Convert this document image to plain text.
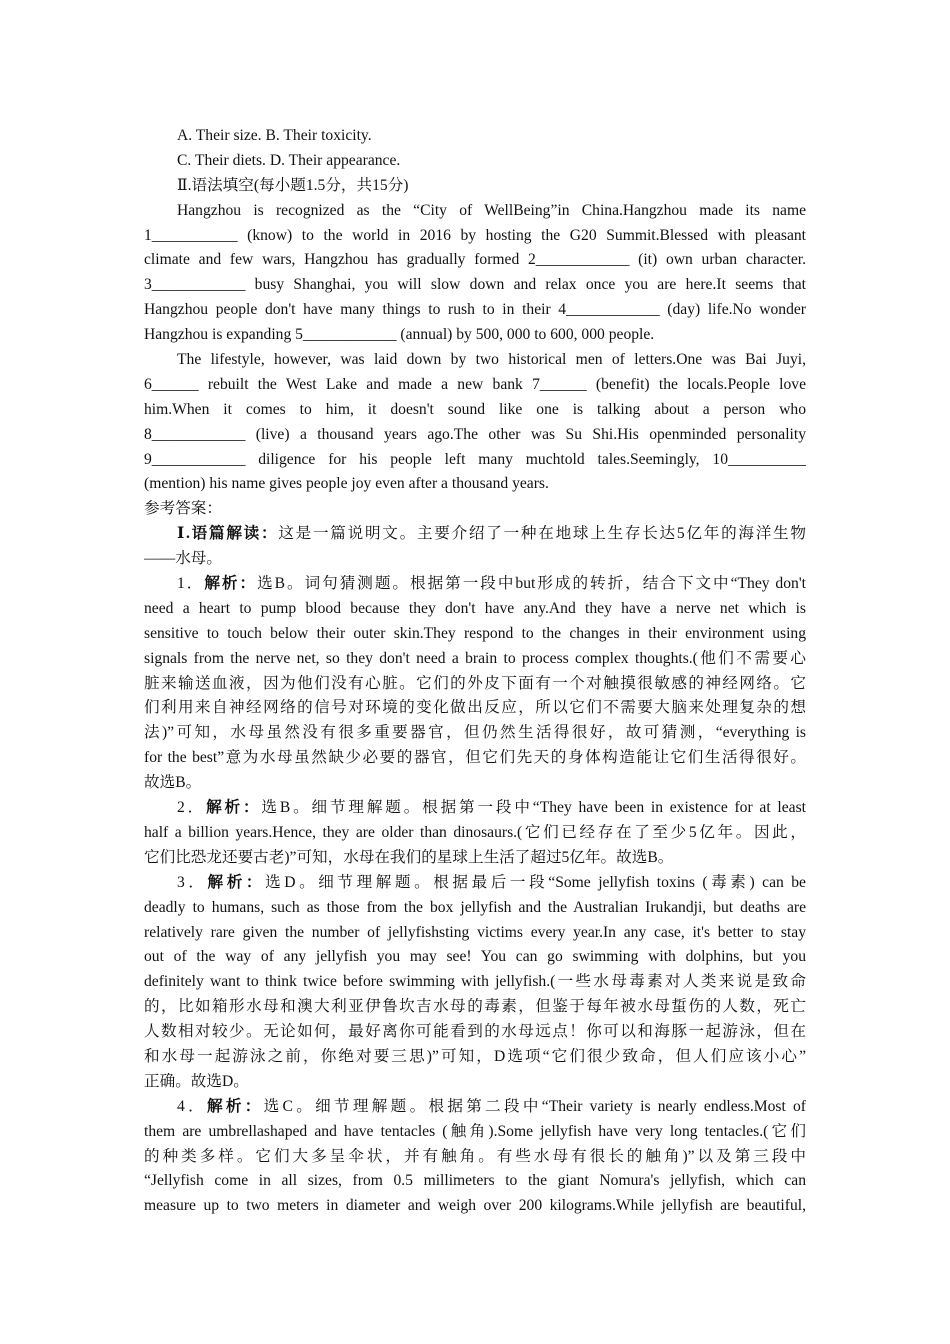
A. Their size. B. Their toxicity.
C. Their diets. D. Their appearance.
Ⅱ.语法填空(每小题1.5分，共15分)
Hangzhou is recognized as the “City of WellBeing”in China.Hangzhou made its name
1___________ (know) to the world in 2016 by hosting the G20 Summit.Blessed with pleasant
climate and few wars, Hangzhou has gradually formed 2____________ (it) own urban character.
3____________ busy Shanghai, you will slow down and relax once you are here.It seems that
Hangzhou people don't have many things to rush to in their 4____________ (day) life.No wonder
Hangzhou is expanding 5____________ (annual) by 500, 000 to 600, 000 people.
The lifestyle, however, was laid down by two historical men of letters.One was Bai Juyi,
6______ rebuilt the West Lake and made a new bank 7______ (benefit) the locals.People love
him.When it comes to him, it doesn't sound like one is talking about a person who
8____________ (live) a thousand years ago.The other was Su Shi.His openminded personality
9____________ diligence for his people left many muchtold tales.Seemingly, 10__________
(mention) his name gives people joy even after a thousand years.
参考答案：
Ⅰ.语篇解读：这是一篇说明文。主要介绍了一种在地球上生存长达5亿年的海洋生物
——水母。
1．解析：选B。词句猜测题。根据第一段中but形成的转折，结合下文中“They don't
need a heart to pump blood because they don't have any.And they have a nerve net which is
sensitive to touch below their outer skin.They respond to the changes in their environment using
signals from the nerve net, so they don't need a brain to process complex thoughts.(他们不需要心
脏来输送血液，因为他们没有心脏。它们的外皮下面有一个对触摸很敏感的神经网络。它
们利用来自神经网络的信号对环境的变化做出反应，所以它们不需要大脑来处理复杂的想
法)”可知，水母虽然没有很多重要器官，但仍然生活得很好，故可猜测，“everything is
for the best”意为水母虽然缺少必要的器官，但它们先天的身体构造能让它们生活得很好。
故选B。
2．解析：选B。细节理解题。根据第一段中“They have been in existence for at least
half a billion years.Hence, they are older than dinosaurs.(它们已经存在了至少5亿年。因此，
它们比恐龙还要古老)”可知，水母在我们的星球上生活了超过5亿年。故选B。
3．解析：选D。细节理解题。根据最后一段“Some jellyfish toxins (毒素) can be
deadly to humans, such as those from the box jellyfish and the Australian Irukandji, but deaths are
relatively rare given the number of jellyfishsting victims every year.In any case, it's better to stay
out of the way of any jellyfish you may see! You can go swimming with dolphins, but you
definitely want to think twice before swimming with jellyfish.(一些水母毒素对人类来说是致命
的，比如箱形水母和澳大利亚伊鲁坎吉水母的毒素，但鉴于每年被水母蜇伤的人数，死亡
人数相对较少。无论如何，最好离你可能看到的水母远点！你可以和海豚一起游泳，但在
和水母一起游泳之前，你绝对要三思)”可知，D选项“它们很少致命，但人们应该小心”
正确。故选D。
4．解析：选C。细节理解题。根据第二段中“Their variety is nearly endless.Most of
them are umbrellashaped and have tentacles (触角).Some jellyfish have very long tentacles.(它们
的种类多样。它们大多呈伞状，并有触角。有些水母有很长的触角)”以及第三段中
“Jellyfish come in all sizes, from 0.5 millimeters to the giant Nomura's jellyfish, which can
measure up to two meters in diameter and weigh over 200 kilograms.While jellyfish are beautiful,
